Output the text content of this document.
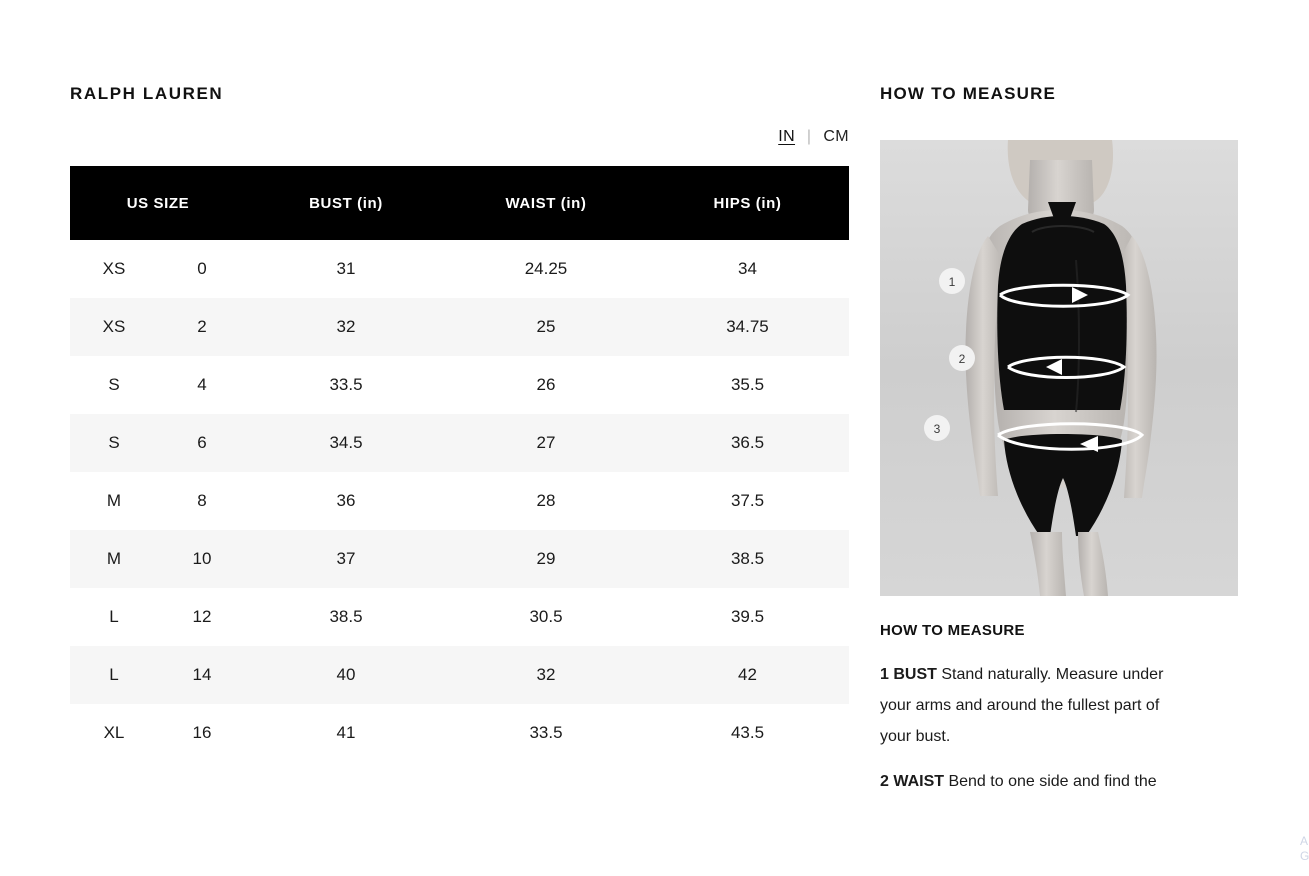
RALPH LAUREN
IN | CM
US SIZE		BUST (in)	WAIST (in)	HIPS (in)
XS	0	31	24.25	34
XS	2	32	25	34.75
S	4	33.5	26	35.5
S	6	34.5	27	36.5
M	8	36	28	37.5
M	10	37	29	38.5
L	12	38.5	30.5	39.5
L	14	40	32	42
XL	16	41	33.5	43.5
HOW TO MEASURE
1
2
3
HOW TO MEASURE

1 BUST Stand naturally. Measure under your arms and around the fullest part of your bust.

2 WAIST Bend to one side and find the

A
G
